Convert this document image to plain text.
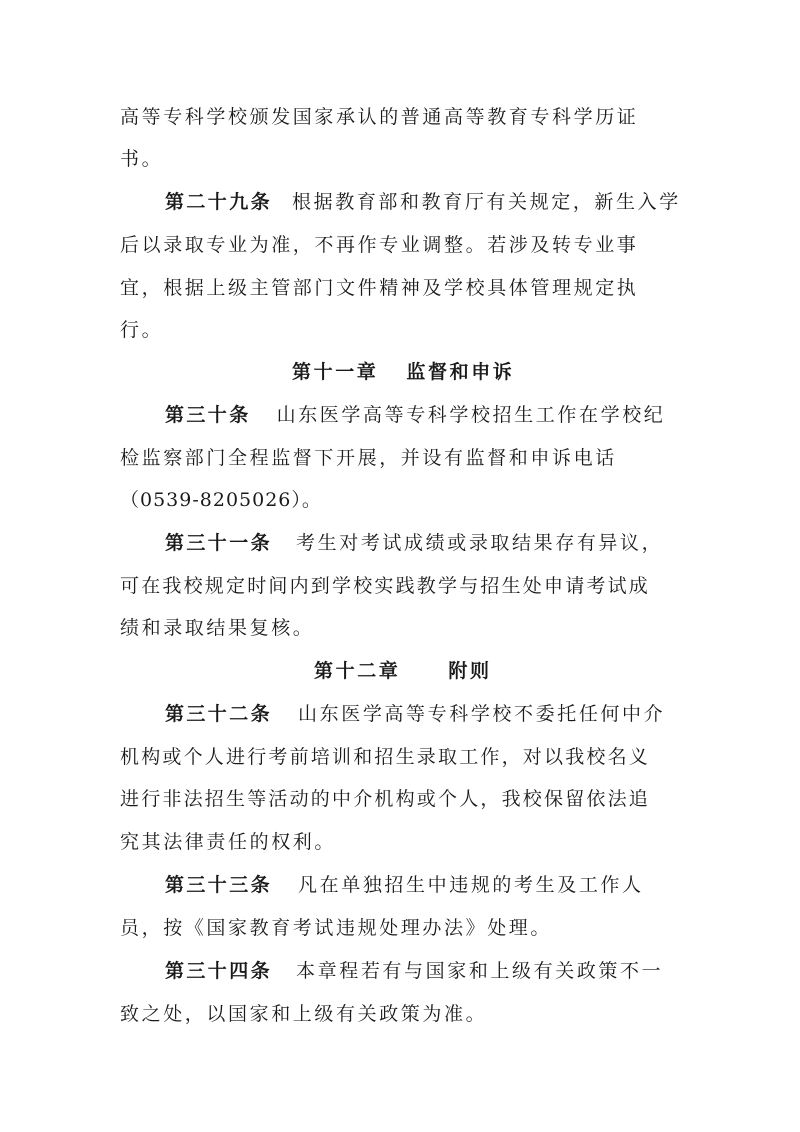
高等专科学校颁发国家承认的普通高等教育专科学历证
书。
第二十九条 根据教育部和教育厅有关规定，新生入学
后以录取专业为准，不再作专业调整。若涉及转专业事
宜，根据上级主管部门文件精神及学校具体管理规定执
行。
第十一章 监督和申诉
第三十条 山东医学高等专科学校招生工作在学校纪
检监察部门全程监督下开展，并设有监督和申诉电话
（0539-8205026）。
第三十一条 考生对考试成绩或录取结果存有异议，
可在我校规定时间内到学校实践教学与招生处申请考试成
绩和录取结果复核。
第十二章	附则
第三十二条 山东医学高等专科学校不委托任何中介
机构或个人进行考前培训和招生录取工作，对以我校名义
进行非法招生等活动的中介机构或个人，我校保留依法追
究其法律责任的权利。
第三十三条 凡在单独招生中违规的考生及工作人
员，按《国家教育考试违规处理办法》处理。
第三十四条 本章程若有与国家和上级有关政策不一
致之处，以国家和上级有关政策为准。
